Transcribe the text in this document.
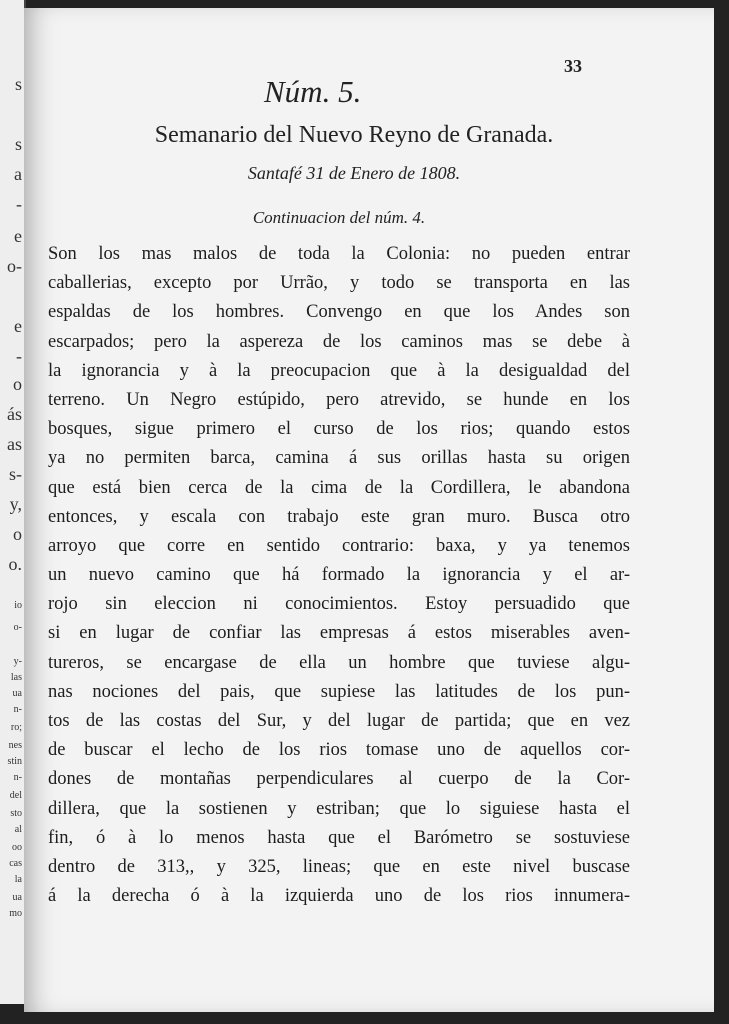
s
s
a
-
e
o-
e
-
o
ás
as
s-
y,
o
o.
io
o-
y-
las
ua
n-
ro;
nes
stin
n-
del
sto
al
oo
cas
la
ua
mo
33
Núm. 5.
Semanario del Nuevo Reyno de Granada.
Santafé 31 de Enero de 1808.
Continuacion del núm. 4.
Son los mas malos de toda la Colonia: no pueden entrar
caballerias, excepto por Urrão, y todo se transporta en las
espaldas de los hombres. Convengo en que los Andes son
escarpados; pero la aspereza de los caminos mas se debe à
la ignorancia y à la preocupacion que à la desigualdad del
terreno. Un Negro estúpido, pero atrevido, se hunde en los
bosques, sigue primero el curso de los rios; quando estos
ya no permiten barca, camina á sus orillas hasta su origen
que está bien cerca de la cima de la Cordillera, le abandona
entonces, y escala con trabajo este gran muro. Busca otro
arroyo que corre en sentido contrario: baxa, y ya tenemos
un nuevo camino que há formado la ignorancia y el ar-
rojo sin eleccion ni conocimientos. Estoy persuadido que
si en lugar de confiar las empresas á estos miserables aven-
tureros, se encargase de ella un hombre que tuviese algu-
nas nociones del pais, que supiese las latitudes de los pun-
tos de las costas del Sur, y del lugar de partida; que en vez
de buscar el lecho de los rios tomase uno de aquellos cor-
dones de montañas perpendiculares al cuerpo de la Cor-
dillera, que la sostienen y estriban; que lo siguiese hasta el
fin, ó à lo menos hasta que el Barómetro se sostuviese
dentro de 313,, y 325, lineas; que en este nivel buscase
á la derecha ó à la izquierda uno de los rios innumera-
